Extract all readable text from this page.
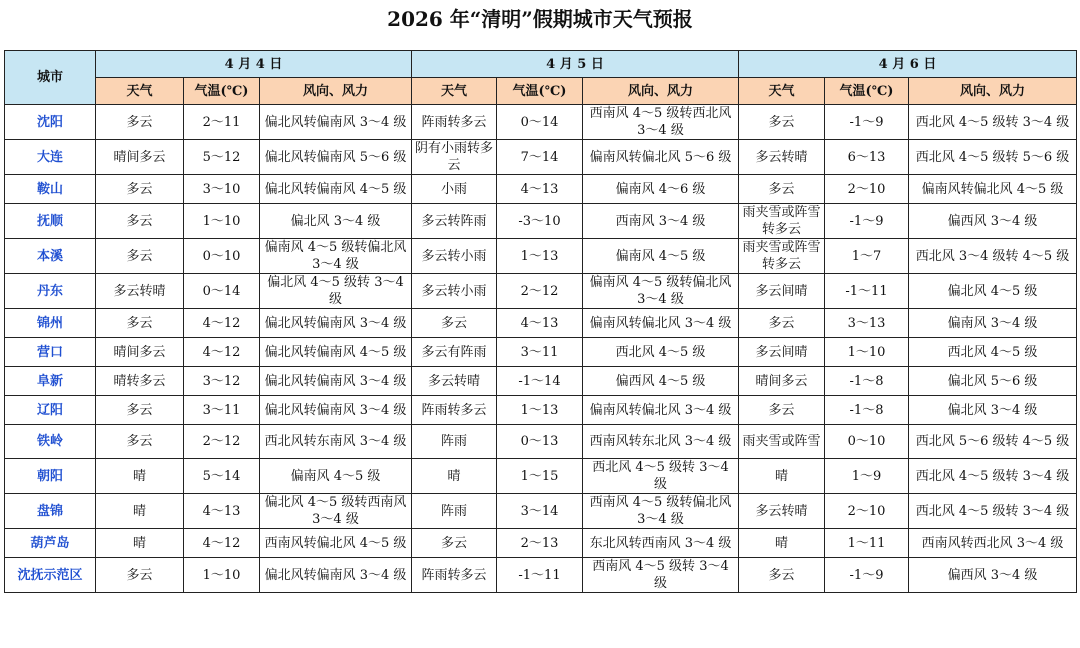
2026 年“清明”假期城市天气预报
城市	4 月 4 日			4 月 5 日			4 月 6 日		
	天气	气温(℃)	风向、风力	天气	气温(℃)	风向、风力	天气	气温(℃)	风向、风力
沈阳	多云	2～11	偏北风转偏南风 3～4 级	阵雨转多云	0～14	西南风 4～5 级转西北风 3～4 级	多云	-1～9	西北风 4～5 级转 3～4 级
大连	晴间多云	5～12	偏北风转偏南风 5～6 级	阴有小雨转多云	7～14	偏南风转偏北风 5～6 级	多云转晴	6～13	西北风 4～5 级转 5～6 级
鞍山	多云	3～10	偏北风转偏南风 4～5 级	小雨	4～13	偏南风 4～6 级	多云	2～10	偏南风转偏北风 4～5 级
抚顺	多云	1～10	偏北风 3～4 级	多云转阵雨	-3～10	西南风 3～4 级	雨夹雪或阵雪转多云	-1～9	偏西风 3～4 级
本溪	多云	0～10	偏南风 4～5 级转偏北风 3～4 级	多云转小雨	1～13	偏南风 4～5 级	雨夹雪或阵雪转多云	1～7	西北风 3～4 级转 4～5 级
丹东	多云转晴	0～14	偏北风 4～5 级转 3～4 级	多云转小雨	2～12	偏南风 4～5 级转偏北风 3～4 级	多云间晴	-1～11	偏北风 4～5 级
锦州	多云	4～12	偏北风转偏南风 3～4 级	多云	4～13	偏南风转偏北风 3～4 级	多云	3～13	偏南风 3～4 级
营口	晴间多云	4～12	偏北风转偏南风 4～5 级	多云有阵雨	3～11	西北风 4～5 级	多云间晴	1～10	西北风 4～5 级
阜新	晴转多云	3～12	偏北风转偏南风 3～4 级	多云转晴	-1～14	偏西风 4～5 级	晴间多云	-1～8	偏北风 5～6 级
辽阳	多云	3～11	偏北风转偏南风 3～4 级	阵雨转多云	1～13	偏南风转偏北风 3～4 级	多云	-1～8	偏北风 3～4 级
铁岭	多云	2～12	西北风转东南风 3～4 级	阵雨	0～13	西南风转东北风 3～4 级	雨夹雪或阵雪	0～10	西北风 5～6 级转 4～5 级
朝阳	晴	5～14	偏南风 4～5 级	晴	1～15	西北风 4～5 级转 3～4 级	晴	1～9	西北风 4～5 级转 3～4 级
盘锦	晴	4～13	偏北风 4～5 级转西南风 3～4 级	阵雨	3～14	西南风 4～5 级转偏北风 3～4 级	多云转晴	2～10	西北风 4～5 级转 3～4 级
葫芦岛	晴	4～12	西南风转偏北风 4～5 级	多云	2～13	东北风转西南风 3～4 级	晴	1～11	西南风转西北风 3～4 级
沈抚示范区	多云	1～10	偏北风转偏南风 3～4 级	阵雨转多云	-1～11	西南风 4～5 级转 3～4 级	多云	-1～9	偏西风 3～4 级
